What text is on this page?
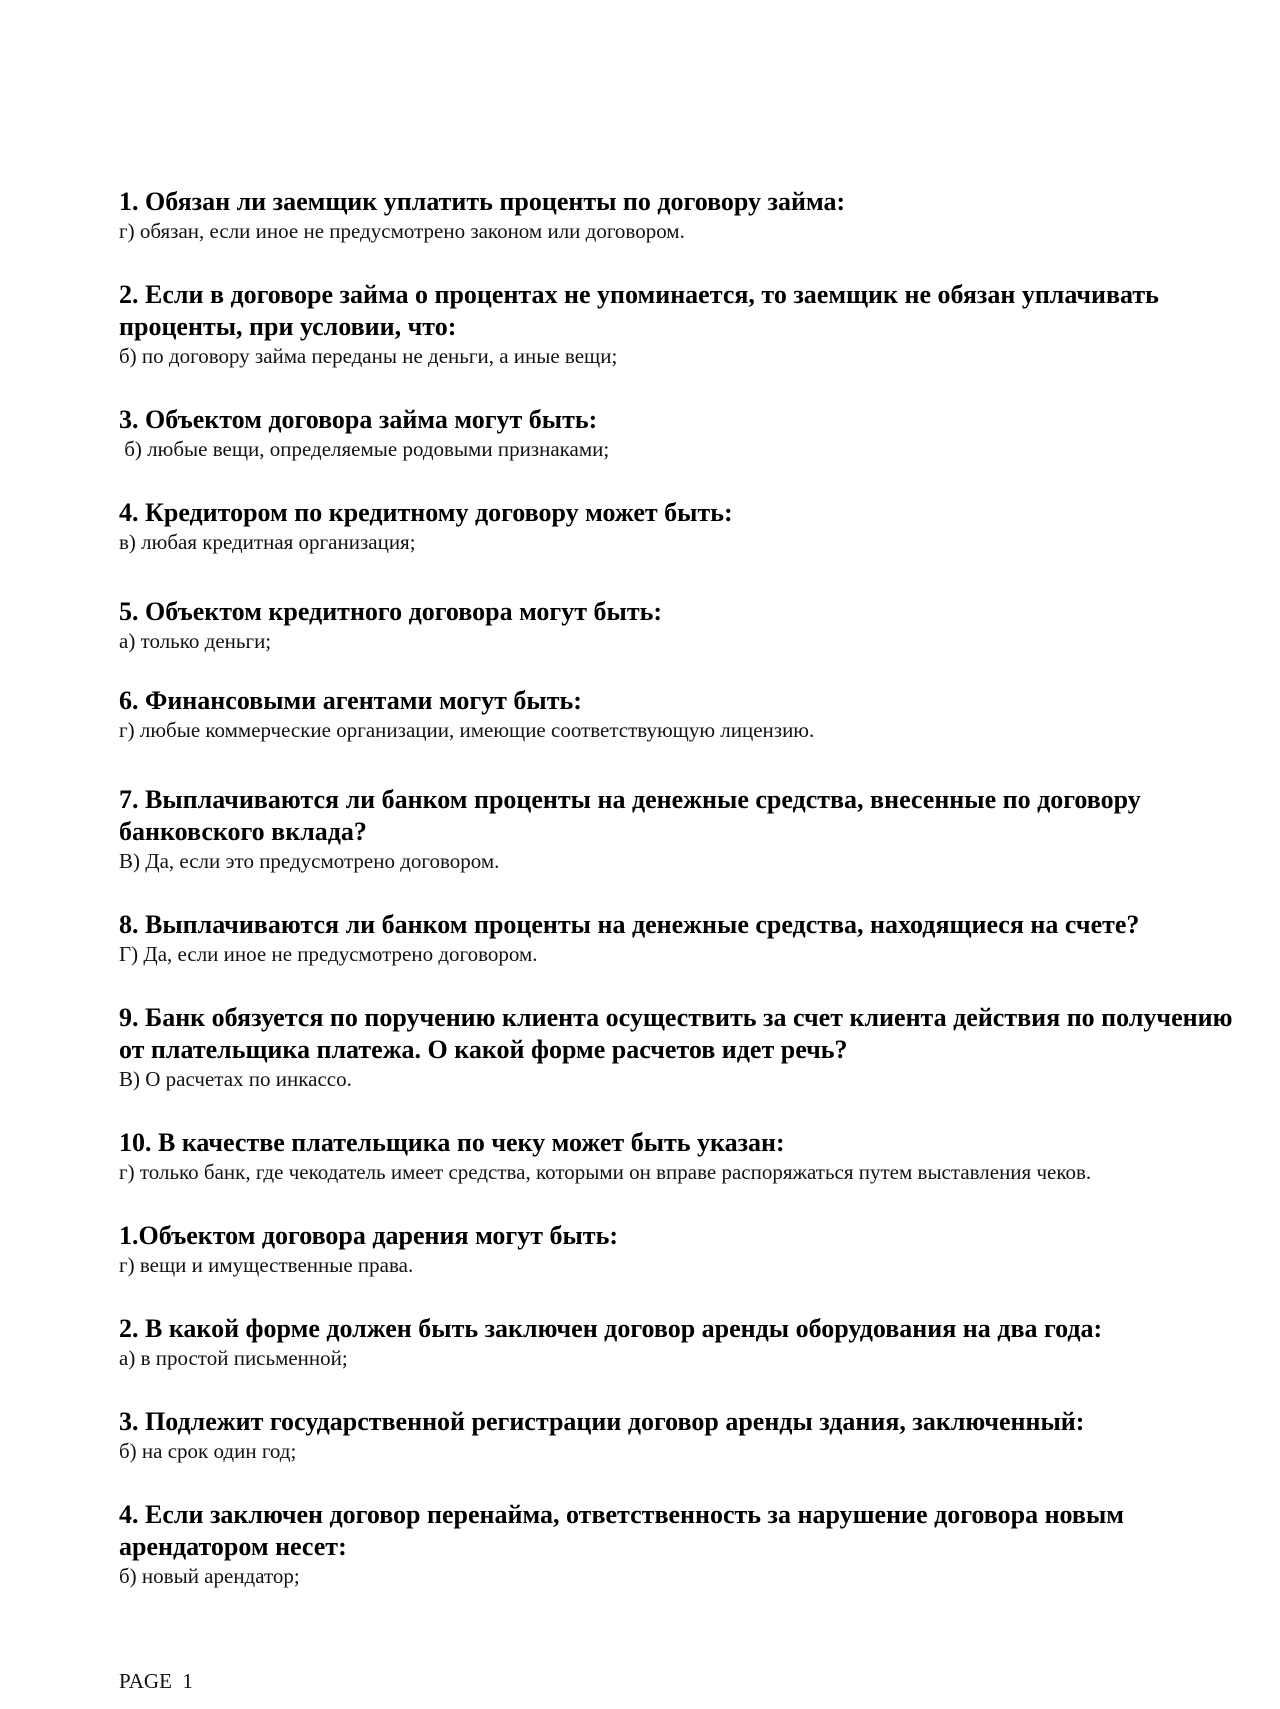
1. Обязан ли заемщик уплатить проценты по договору займа:

г) обязан, если иное не предусмотрено законом или договором.

2. Если в договоре займа о процентах не упоминается, то заемщик не обязан уплачивать проценты, при условии, что:

б) по договору займа переданы не деньги, а иные вещи;

3. Объектом договора займа могут быть:

б) любые вещи, определяемые родовыми признаками;

4. Кредитором по кредитному договору может быть:

в) любая кредитная организация;

5. Объектом кредитного договора могут быть:

а) только деньги;

6. Финансовыми агентами могут быть:

г) любые коммерческие организации, имеющие соответствующую лицензию.

7. Выплачиваются ли банком проценты на денежные средства, внесенные по договору банковского вклада?

В) Да, если это предусмотрено договором.

8. Выплачиваются ли банком проценты на денежные средства, находящиеся на счете?

Г) Да, если иное не предусмотрено договором.

9. Банк обязуется по поручению клиента осуществить за счет клиента действия по получению от плательщика платежа. О какой форме расчетов идет речь?

В) О расчетах по инкассо.

10. В качестве плательщика по чеку может быть указан:

г) только банк, где чекодатель имеет средства, которыми он вправе распоряжаться путем выставления чеков.

1.Объектом договора дарения могут быть:

г) вещи и имущественные права.

2. В какой форме должен быть заключен договор аренды оборудования на два года:

а) в простой письменной;

3. Подлежит государственной регистрации договор аренды здания, заключенный:

б) на срок один год;

4. Если заключен договор перенайма, ответственность за нарушение договора новым арендатором несет:

б) новый арендатор;

PAGE  1
